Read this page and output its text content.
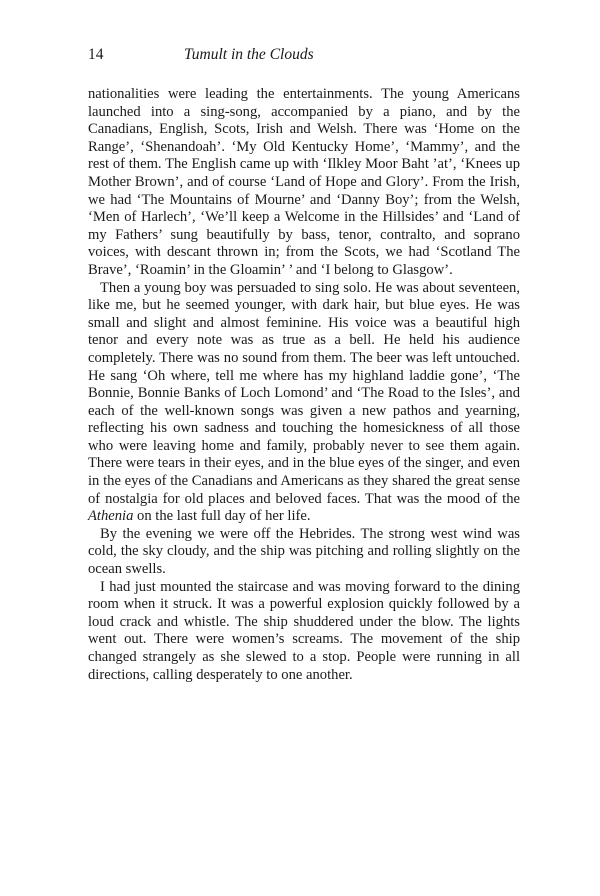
14	Tumult in the Clouds

nationalities were leading the entertainments. The young Americans launched into a sing-song, accompanied by a piano, and by the Canadians, English, Scots, Irish and Welsh. There was ‘Home on the Range’, ‘Shenandoah’. ‘My Old Kentucky Home’, ‘Mammy’, and the rest of them. The English came up with ‘Ilkley Moor Baht ’at’, ‘Knees up Mother Brown’, and of course ‘Land of Hope and Glory’. From the Irish, we had ‘The Mountains of Mourne’ and ‘Danny Boy’; from the Welsh, ‘Men of Harlech’, ‘We’ll keep a Welcome in the Hillsides’ and ‘Land of my Fathers’ sung beautifully by bass, tenor, contralto, and soprano voices, with descant thrown in; from the Scots, we had ‘Scotland The Brave’, ‘Roamin’ in the Gloamin’ ’ and ‘I belong to Glasgow’.

Then a young boy was persuaded to sing solo. He was about seventeen, like me, but he seemed younger, with dark hair, but blue eyes. He was small and slight and almost feminine. His voice was a beautiful high tenor and every note was as true as a bell. He held his audience completely. There was no sound from them. The beer was left untouched. He sang ‘Oh where, tell me where has my highland laddie gone’, ‘The Bonnie, Bonnie Banks of Loch Lomond’ and ‘The Road to the Isles’, and each of the well-known songs was given a new pathos and yearning, reflecting his own sadness and touching the homesickness of all those who were leaving home and family, probably never to see them again. There were tears in their eyes, and in the blue eyes of the singer, and even in the eyes of the Canadians and Americans as they shared the great sense of nostalgia for old places and beloved faces. That was the mood of the Athenia on the last full day of her life.

By the evening we were off the Hebrides. The strong west wind was cold, the sky cloudy, and the ship was pitching and rolling slightly on the ocean swells.

I had just mounted the staircase and was moving forward to the dining room when it struck. It was a powerful explosion quickly followed by a loud crack and whistle. The ship shuddered under the blow. The lights went out. There were women’s screams. The movement of the ship changed strangely as she slewed to a stop. People were running in all directions, calling desperately to one another.
